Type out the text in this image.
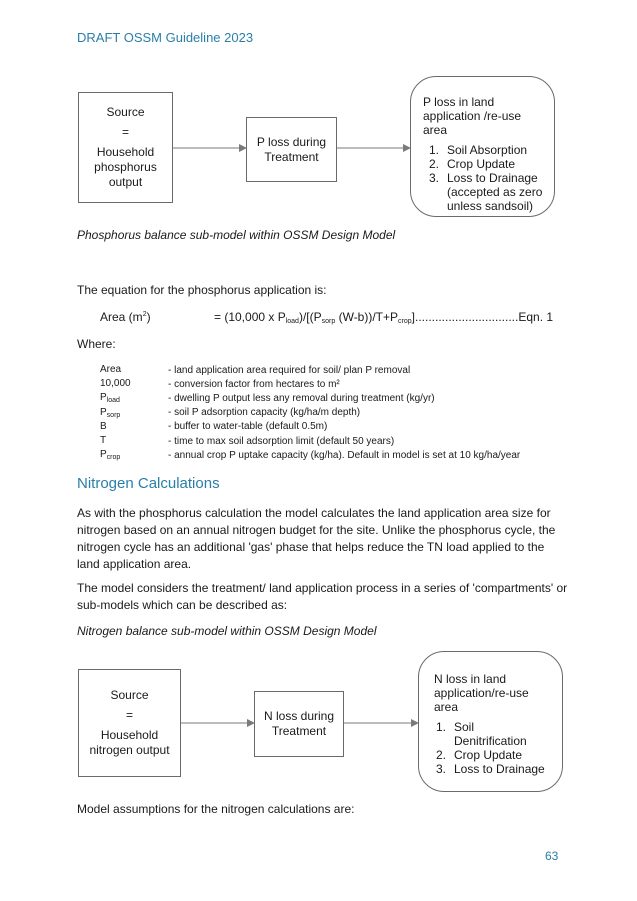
DRAFT OSSM Guideline 2023
Source
=
Household
phosphorus
output
P loss during
Treatment
P loss in land
application /re-use
area
1. Soil Absorption
2. Crop Update
3. Loss to Drainage (accepted as zero unless sandsoil)
Phosphorus balance sub-model within OSSM Design Model
The equation for the phosphorus application is:
Area $(m^2)$	= (10,000 x $P_{load})/[(P_{sorp}$ $(W-b))/T+P_{crop}]...............................Eqn$. 1
Where:
Area	- land application area required for soil/ plan P removal
10,000	- conversion factor from hectares to m²
$P_{load}$	- dwelling P output less any removal during treatment (kg/yr)
$P_{sorp}$	- soil P adsorption capacity (kg/ha/m depth)
B	- buffer to water-table (default 0.5m)
T	- time to max soil adsorption limit (default 50 years)
$P_{crop}$	- annual crop P uptake capacity (kg/ha). Default in model is set at 10 kg/ha/year
Nitrogen Calculations
As with the phosphorus calculation the model calculates the land application area size for
nitrogen based on an annual nitrogen budget for the site. Unlike the phosphorus cycle, the
nitrogen cycle has an additional 'gas' phase that helps reduce the TN load applied to the
land application area.
The model considers the treatment/ land application process in a series of 'compartments' or
sub-models which can be described as:
Nitrogen balance sub-model within OSSM Design Model
Source
=
Household
nitrogen output
N loss during
Treatment
N loss in land
application/re-use
area
1. Soil Denitrification
2. Crop Update
3. Loss to Drainage
Model assumptions for the nitrogen calculations are:
63
